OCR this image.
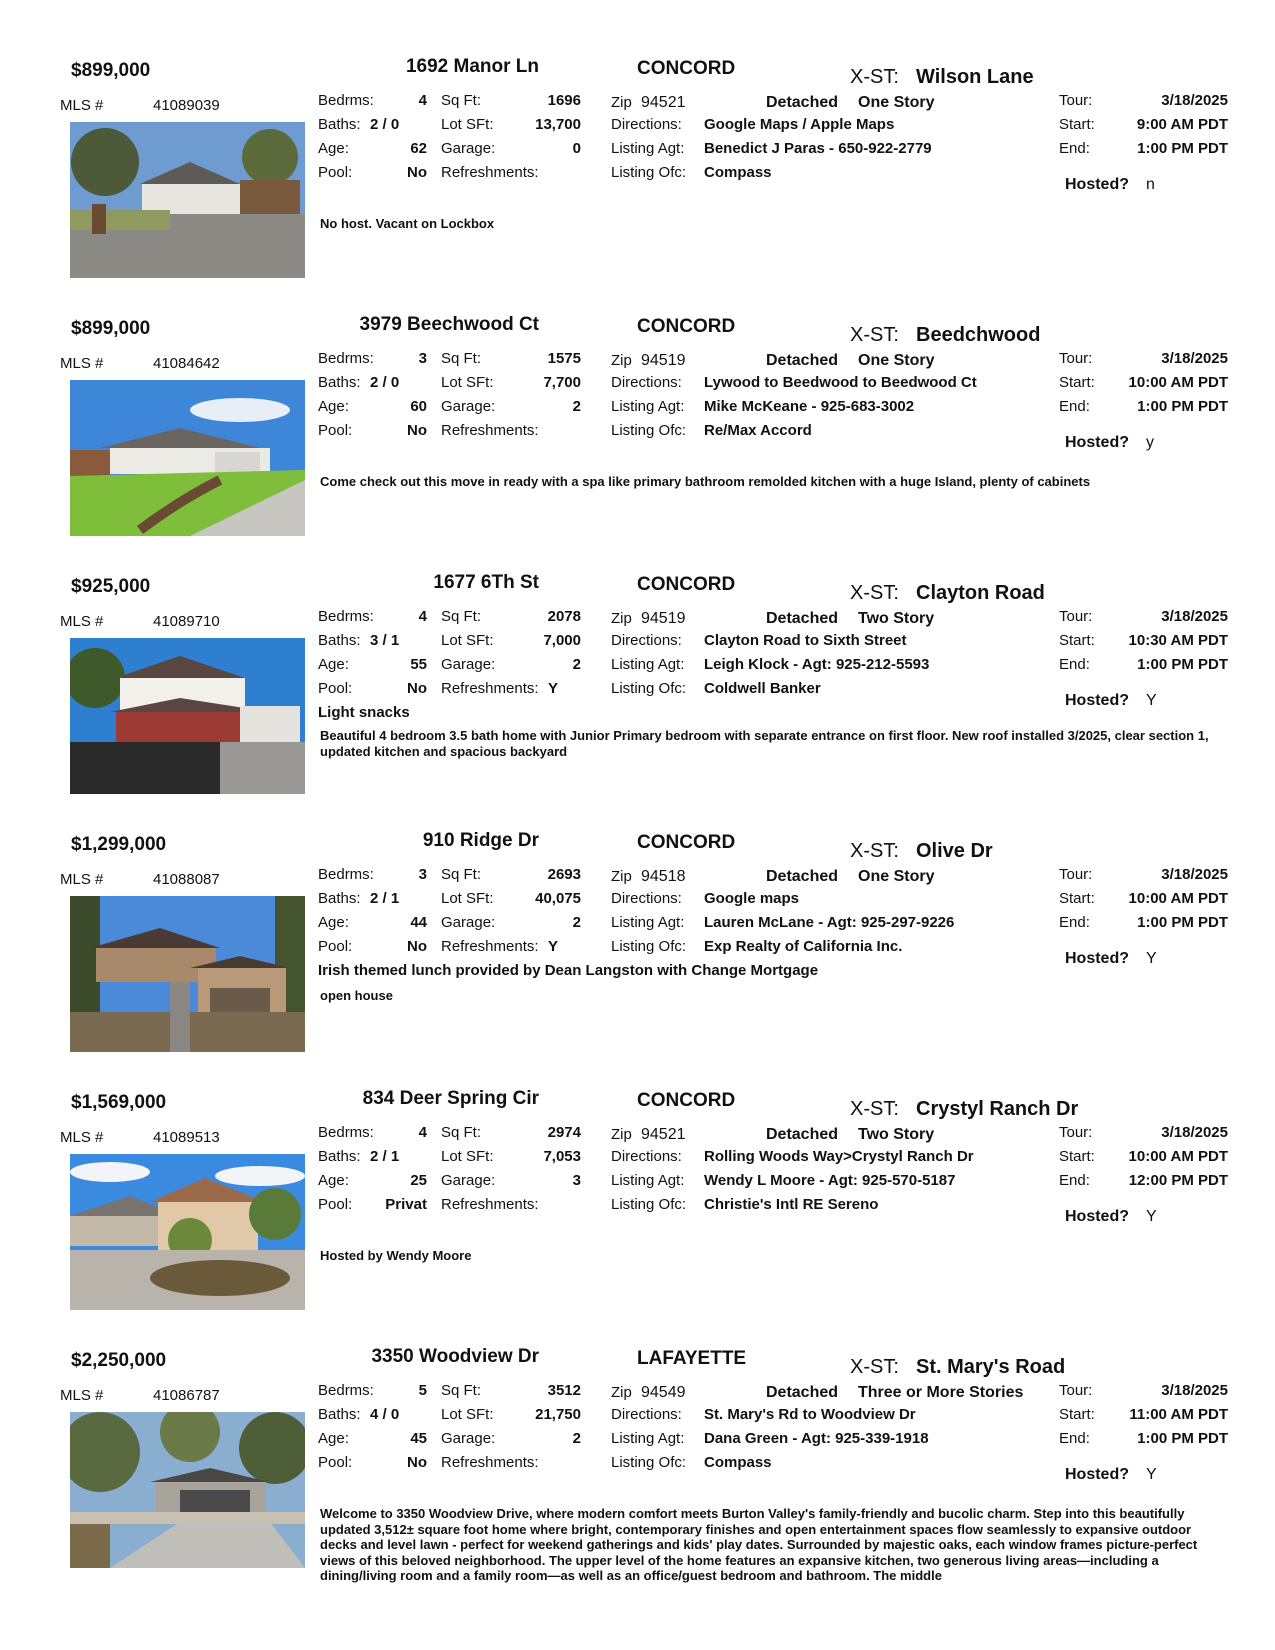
$899,000	1692 Manor Ln	CONCORD	X-ST: Wilson Lane
MLS #	41089039	Bedrms:	4 Sq Ft:	1696
Baths: 2 / 0	Lot SFt:	13,700
Age:	62 Garage:	0
Pool:	No Refreshments:
Zip 94521	Detached One Story
Directions: Google Maps / Apple Maps
Listing Agt: Benedict J Paras - 650-922-2779
Listing Ofc: Compass
Tour:	3/18/2025
Start:	9:00 AM PDT
End:	1:00 PM PDT
Hosted? n
No host. Vacant on Lockbox
$899,000	3979 Beechwood Ct	CONCORD	X-ST: Beedchwood
MLS #	41084642	Bedrms:	3 Sq Ft:	1575
Baths: 2 / 0	Lot SFt:	7,700
Age:	60 Garage:	2
Pool:	No Refreshments:
Zip 94519	Detached One Story
Directions: Lywood to Beedwood to Beedwood Ct
Listing Agt: Mike McKeane - 925-683-3002
Listing Ofc: Re/Max Accord
Tour:	3/18/2025
Start: 10:00 AM PDT
End:	1:00 PM PDT
Hosted? y
Come check out this move in ready with a spa like primary bathroom remolded kitchen with a huge Island, plenty of cabinets
$925,000	1677 6Th St	CONCORD	X-ST: Clayton Road
MLS #	41089710	Bedrms:	4 Sq Ft:	2078
Baths: 3 / 1	Lot SFt:	7,000
Age:	55 Garage:	2
Pool:	No Refreshments: Y
Zip 94519	Detached Two Story
Directions: Clayton Road to Sixth Street
Listing Agt: Leigh Klock - Agt: 925-212-5593
Listing Ofc: Coldwell Banker
Tour:	3/18/2025
Start: 10:30 AM PDT
End:	1:00 PM PDT
Hosted? Y
Light snacks
Beautiful 4 bedroom 3.5 bath home with Junior Primary bedroom with separate entrance on first floor. New roof installed 3/2025, clear section 1, updated kitchen and spacious backyard
$1,299,000	910 Ridge Dr	CONCORD	X-ST: Olive Dr
MLS #	41088087	Bedrms:	3 Sq Ft:	2693
Baths: 2 / 1	Lot SFt:	40,075
Age:	44 Garage:	2
Pool:	No Refreshments: Y
Zip 94518	Detached One Story
Directions: Google maps
Listing Agt: Lauren McLane - Agt: 925-297-9226
Listing Ofc: Exp Realty of California Inc.
Tour:	3/18/2025
Start: 10:00 AM PDT
End:	1:00 PM PDT
Hosted? Y
Irish themed lunch provided by Dean Langston with Change Mortgage
open house
$1,569,000	834 Deer Spring Cir	CONCORD	X-ST: Crystyl Ranch Dr
MLS #	41089513	Bedrms:	4 Sq Ft:	2974
Baths: 2 / 1	Lot SFt:	7,053
Age:	25 Garage:	3
Pool: Privat Refreshments:
Zip 94521	Detached Two Story
Directions: Rolling Woods Way>Crystyl Ranch Dr
Listing Agt: Wendy L Moore - Agt: 925-570-5187
Listing Ofc: Christie's Intl RE Sereno
Tour:	3/18/2025
Start: 10:00 AM PDT
End:	12:00 PM PDT
Hosted? Y
Hosted by Wendy Moore
$2,250,000	3350 Woodview Dr	LAFAYETTE	X-ST: St. Mary's Road
MLS #	41086787	Bedrms:	5 Sq Ft:	3512
Baths: 4 / 0	Lot SFt:	21,750
Age:	45 Garage:	2
Pool:	No Refreshments:
Zip 94549	Detached Three or More Stories
Directions: St. Mary's Rd to Woodview Dr
Listing Agt: Dana Green - Agt: 925-339-1918
Listing Ofc: Compass
Tour:	3/18/2025
Start: 11:00 AM PDT
End:	1:00 PM PDT
Hosted? Y
Welcome to 3350 Woodview Drive, where modern comfort meets Burton Valley's family-friendly and bucolic charm. Step into this beautifully updated 3,512± square foot home where bright, contemporary finishes and open entertainment spaces flow seamlessly to expansive outdoor decks and level lawn - perfect for weekend gatherings and kids' play dates. Surrounded by majestic oaks, each window frames picture-perfect views of this beloved neighborhood. The upper level of the home features an expansive kitchen, two generous living areas—including a dining/living room and a family room—as well as an office/guest bedroom and bathroom. The middle
